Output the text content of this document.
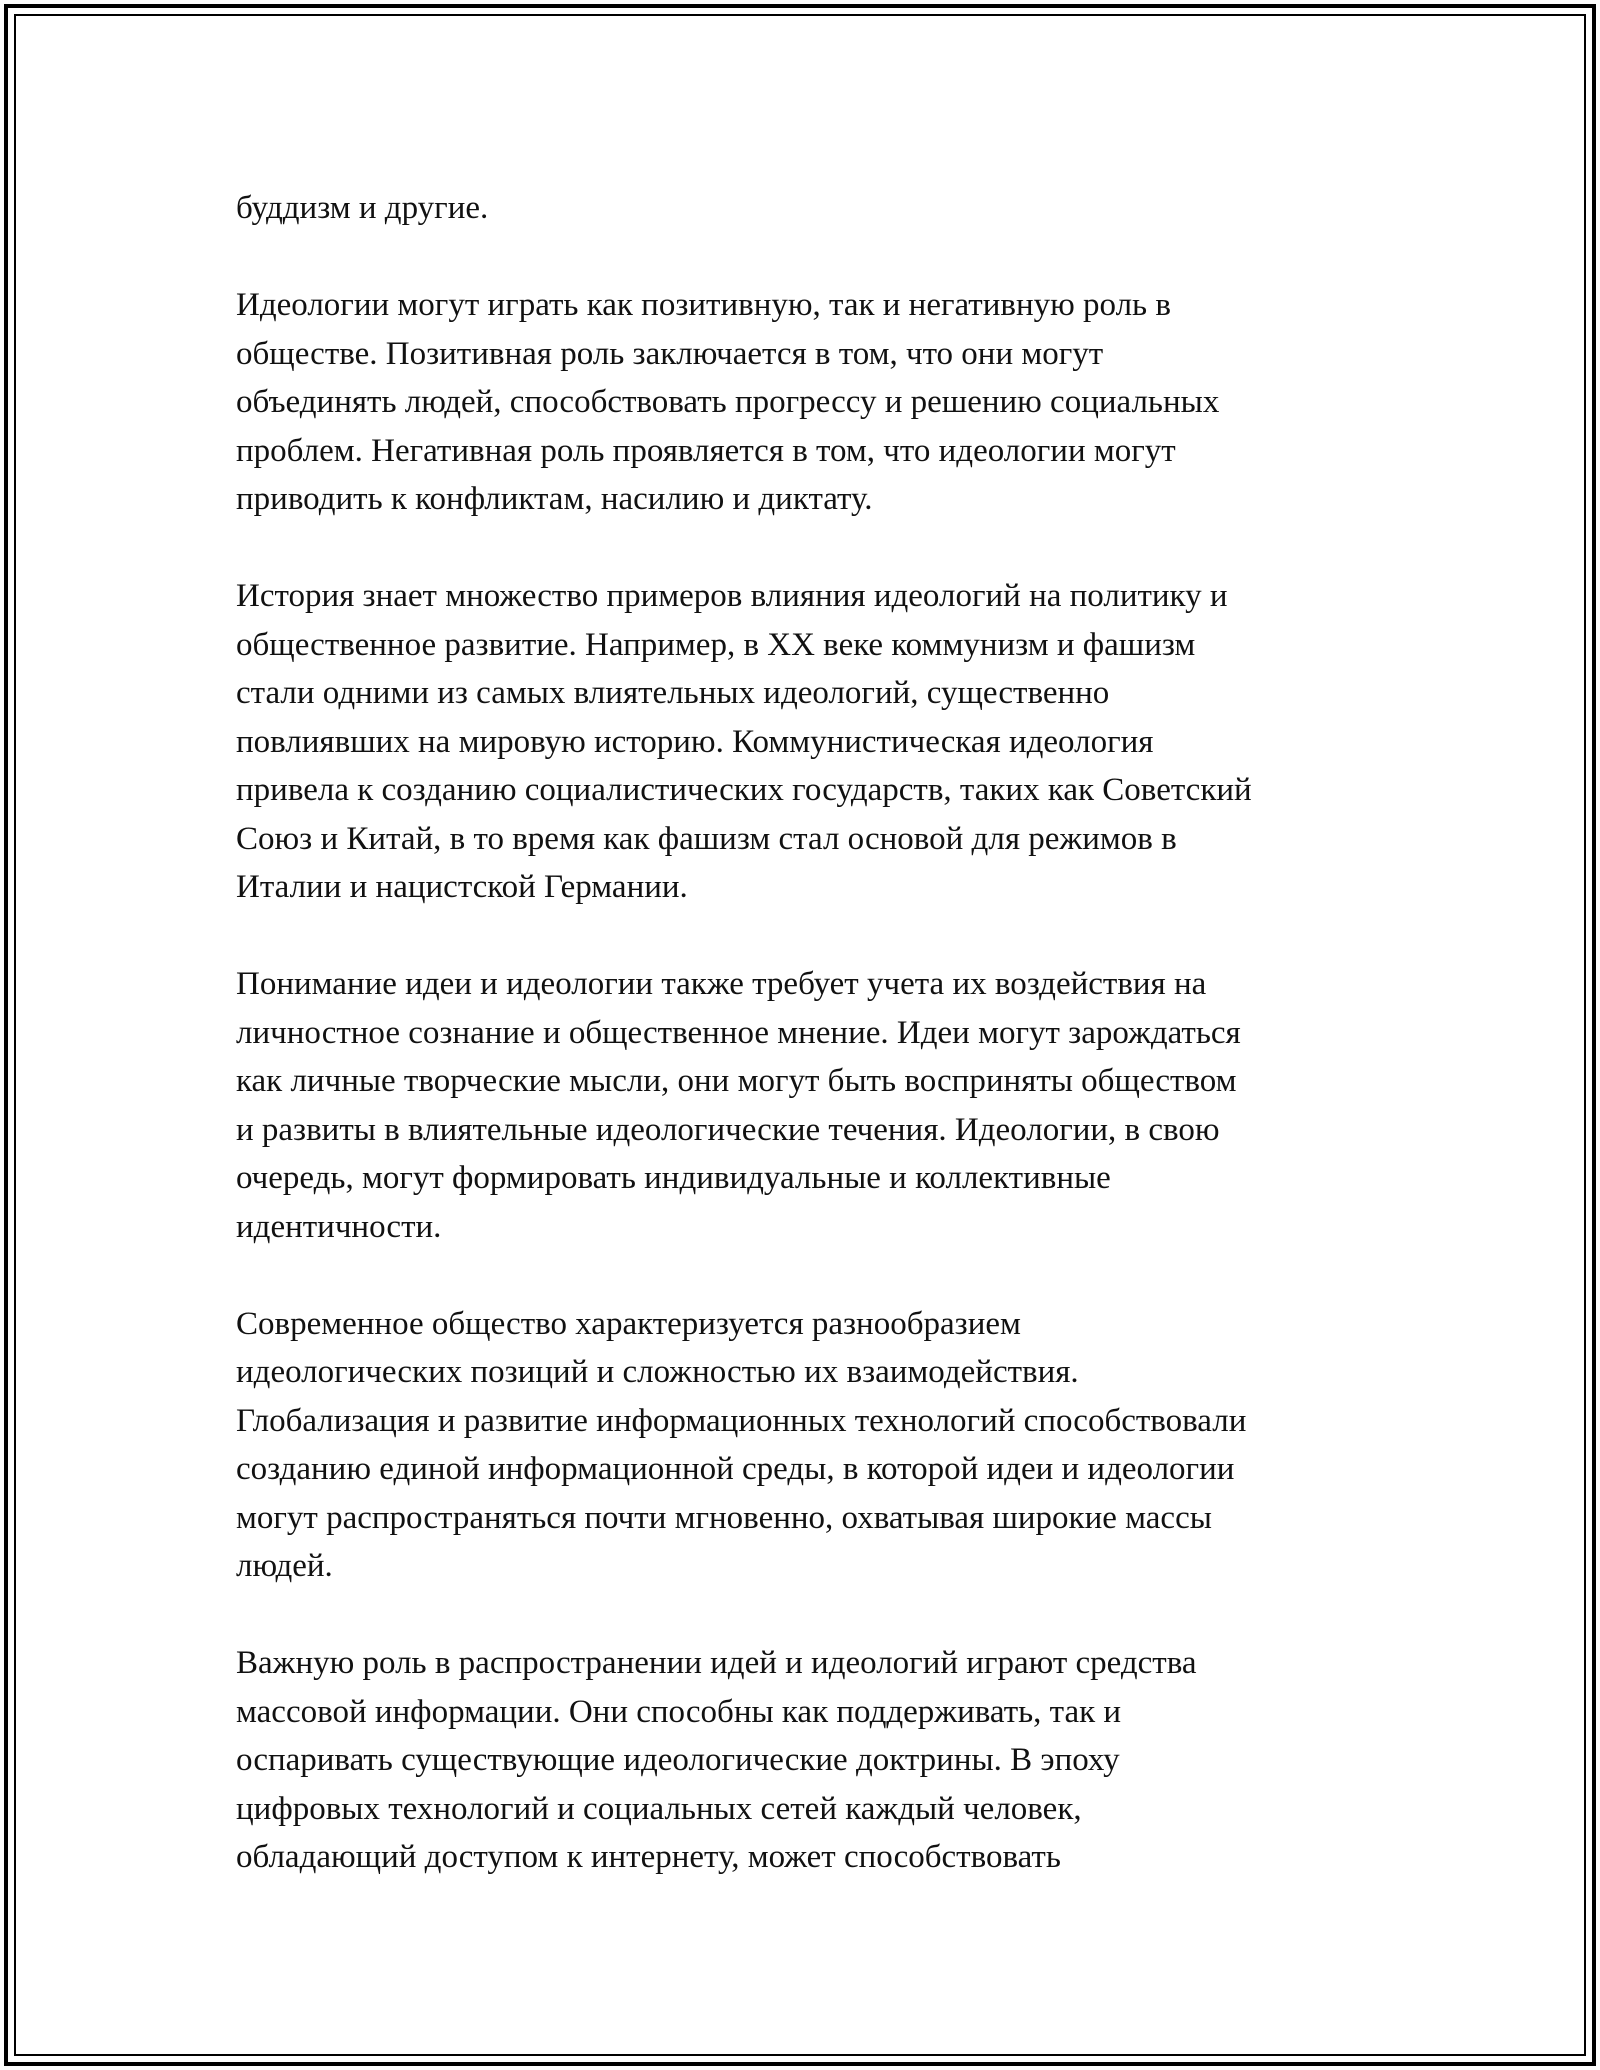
буддизм и другие.

Идеологии могут играть как позитивную, так и негативную роль в
обществе. Позитивная роль заключается в том, что они могут
объединять людей, способствовать прогрессу и решению социальных
проблем. Негативная роль проявляется в том, что идеологии могут
приводить к конфликтам, насилию и диктату.

История знает множество примеров влияния идеологий на политику и
общественное развитие. Например, в XX веке коммунизм и фашизм
стали одними из самых влиятельных идеологий, существенно
повлиявших на мировую историю. Коммунистическая идеология
привела к созданию социалистических государств, таких как Советский
Союз и Китай, в то время как фашизм стал основой для режимов в
Италии и нацистской Германии.

Понимание идеи и идеологии также требует учета их воздействия на
личностное сознание и общественное мнение. Идеи могут зарождаться
как личные творческие мысли, они могут быть восприняты обществом
и развиты в влиятельные идеологические течения. Идеологии, в свою
очередь, могут формировать индивидуальные и коллективные
идентичности.

Современное общество характеризуется разнообразием
идеологических позиций и сложностью их взаимодействия.
Глобализация и развитие информационных технологий способствовали
созданию единой информационной среды, в которой идеи и идеологии
могут распространяться почти мгновенно, охватывая широкие массы
людей.

Важную роль в распространении идей и идеологий играют средства
массовой информации. Они способны как поддерживать, так и
оспаривать существующие идеологические доктрины. В эпоху
цифровых технологий и социальных сетей каждый человек,
обладающий доступом к интернету, может способствовать
